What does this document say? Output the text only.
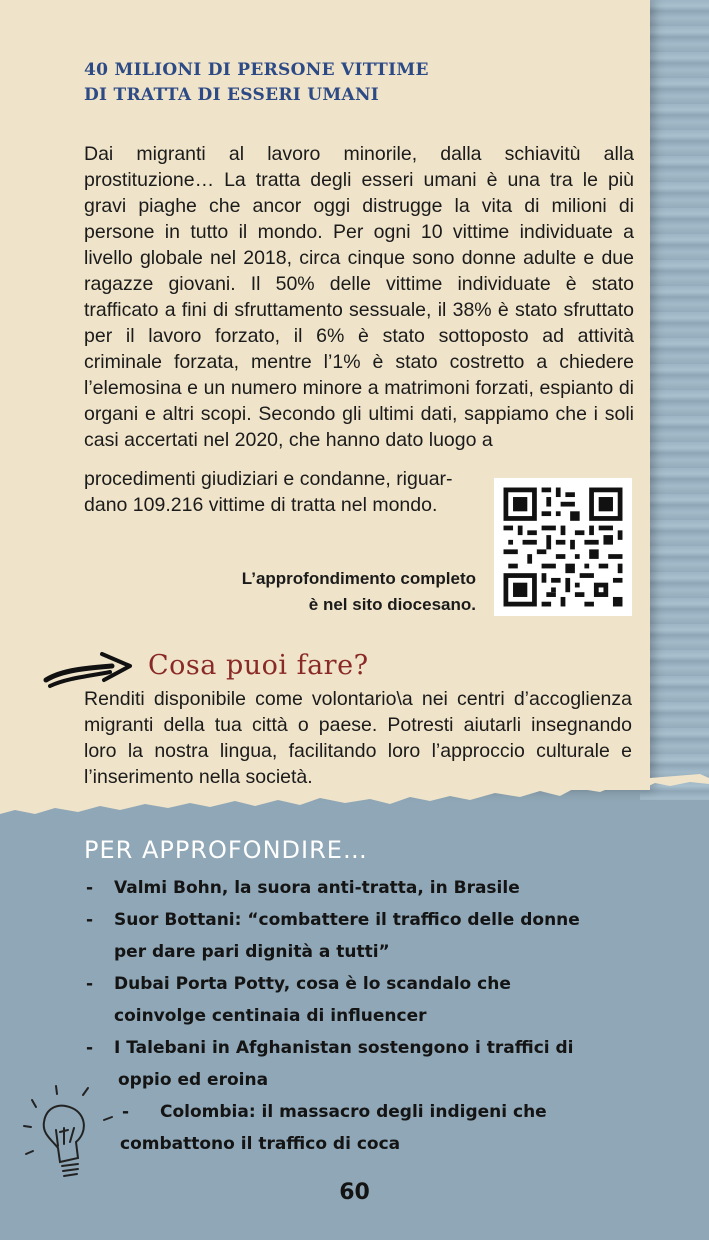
40 MILIONI DI PERSONE VITTIME
DI TRATTA DI ESSERI UMANI

Dai migranti al lavoro minorile, dalla schiavitù alla prostituzione… La tratta degli esseri umani è una tra le più gravi piaghe che ancor oggi distrugge la vita di milioni di persone in tutto il mondo. Per ogni 10 vittime individuate a livello globale nel 2018, circa cinque sono donne adulte e due ragazze giovani. Il 50% delle vittime individuate è stato trafficato a fini di sfruttamento sessuale, il 38% è stato sfruttato per il lavoro forzato, il 6% è stato sottoposto ad attività criminale forzata, mentre l’1% è stato costretto a chiedere l’elemosina e un numero minore a matrimoni forzati, espianto di organi e altri scopi. Secondo gli ultimi dati, sappiamo che i soli casi accertati nel 2020, che hanno dato luogo a

procedimenti giudiziari e condanne, riguar-
dano 109.216 vittime di tratta nel mondo.

L’approfondimento completo
è nel sito diocesano.
Cosa puoi fare?

Renditi disponibile come volontario\a nei centri d’accoglienza migranti della tua città o paese. Potresti aiutarli insegnando loro la nostra lingua, facilitando loro l’approccio culturale e l’inserimento nella società.

PER APPROFONDIRE…
- Valmi Bohn, la suora anti-tratta, in Brasile
- Suor Bottani: “combattere il traffico delle donne
per dare pari dignità a tutti”
- Dubai Porta Potty, cosa è lo scandalo che
coinvolge centinaia di influencer
- I Talebani in Afghanistan sostengono i traffici di
oppio ed eroina
- Colombia: il massacro degli indigeni che
combattono il traffico di coca
60
